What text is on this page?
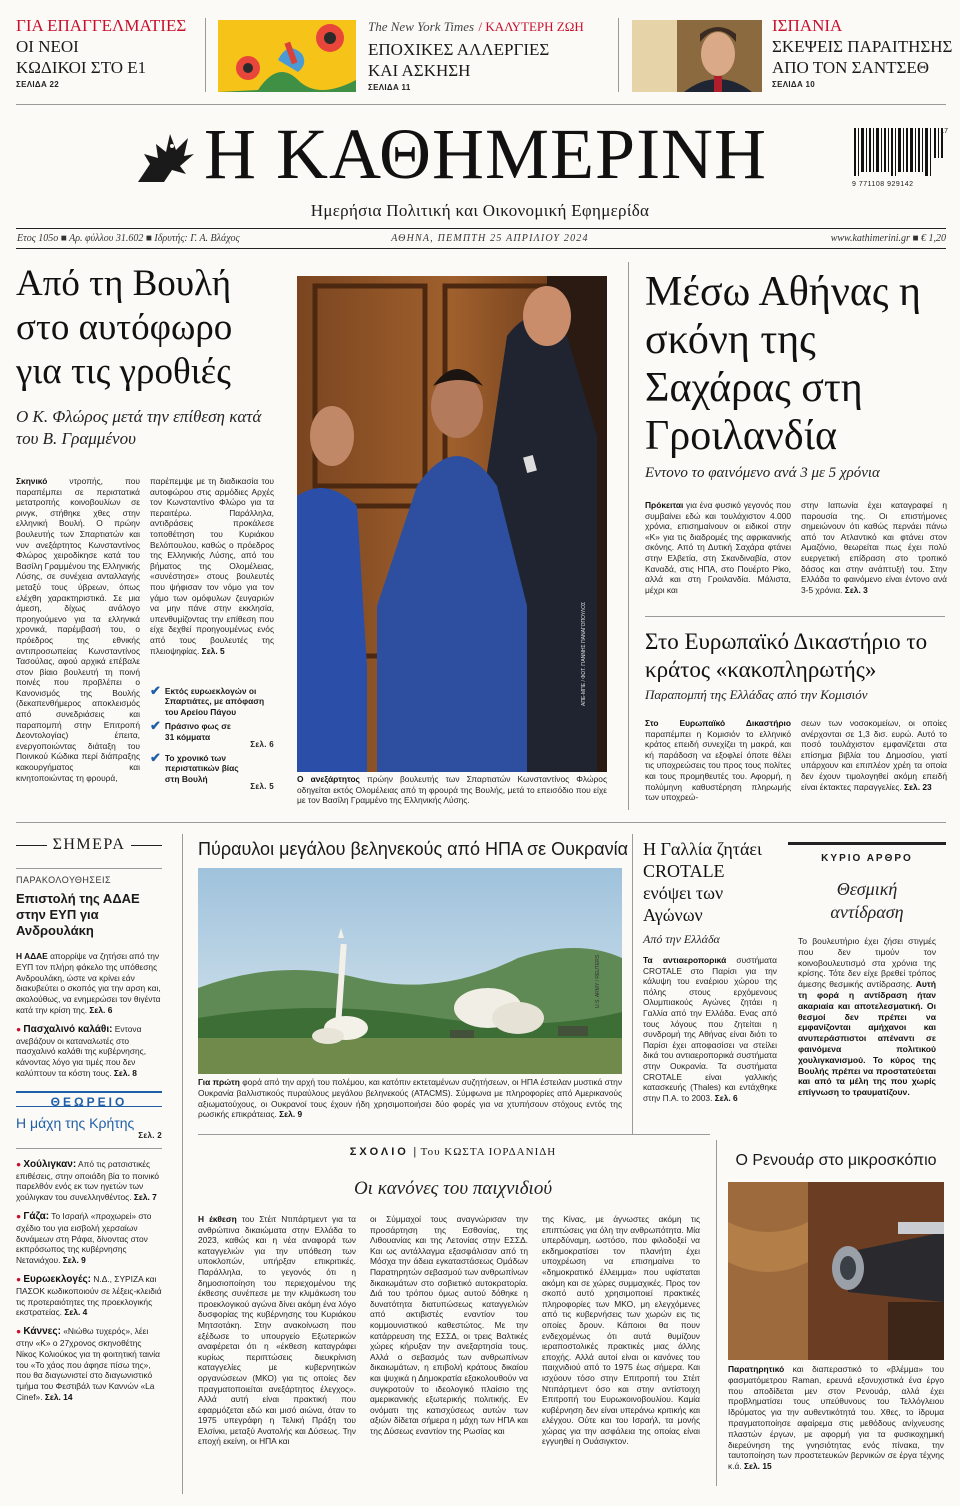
ΓΙΑ ΕΠΑΓΓΕΛΜΑΤΙΕΣ
ΟΙ ΝΕΟΙ
ΚΩΔΙΚΟΙ ΣΤΟ Ε1
ΣΕΛΙΔΑ 22
The New York Times / ΚΑΛΥΤΕΡΗ ΖΩΗ
ΕΠΟΧΙΚΕΣ ΑΛΛΕΡΓΙΕΣ
ΚΑΙ ΑΣΚΗΣΗ
ΣΕΛΙΔΑ 11
ΙΣΠΑΝΙΑ
ΣΚΕΨΕΙΣ ΠΑΡΑΙΤΗΣΗΣ
ΑΠΟ ΤΟΝ ΣΑΝΤΣΕΘ
ΣΕΛΙΔΑ 10
Η ΚΑΘΗΜΕΡΙΝΗ	17
9 771108 929142
Ημερήσια Πολιτική και Οικονομική Εφημερίδα
Ετος 105ο ■ Αρ. φύλλου 31.602 ■ Ιδρυτής: Γ. Α. Βλάχος	ΑΘΗΝΑ, ΠΕΜΠΤΗ 25 ΑΠΡΙΛΙΟΥ 2024	www.kathimerini.gr ■ € 1,20
Από τη Βουλή στο αυτόφωρο για τις γροθιές
Ο Κ. Φλώρος μετά την επίθεση κατά του Β. Γραμμένου
Σκηνικό ντροπής, που παραπέμπει σε περιστατικά μετατροπής κοινοβουλίων σε ρινγκ, στήθηκε χθες στην ελληνική Βουλή. Ο πρώην βουλευτής των Σπαρτιατών και νυν ανεξάρτητος Κωνσταντίνος Φλώρος χειροδίκησε κατά του Βασίλη Γραμμένου της Ελληνικής Λύσης, σε συνέχεια ανταλλαγής μεταξύ τους ύβρεων, όπως ελέχθη χαρακτηριστικά. Σε μια άμεση, δίχως ανάλογο προηγούμενο για τα ελληνικά χρονικά, παρέμβασή του, ο πρόεδρος της εθνικής αντιπροσωπείας Κωνσταντίνος Τασούλας, αφού αρχικά επέβαλε στον βίαιο βουλευτή τη ποινή ποινές που προβλέπει ο Κανονισμός της Βουλής (δεκαπενθήμερος αποκλεισμός από συνεδριάσεις και παραπομπή στην Επιτροπή Δεοντολογίας) έπειτα, ενεργοποιώντας διάταξη του Ποινικού Κώδικα περί διάπραξης κακουργήματος και κινητοποιώντας τη φρουρά,
παρέπεμψε με τη διαδικασία του αυτοφώρου στις αρμόδιες Αρχές τον Κωνσταντίνο Φλώρο για τα περαιτέρω. Παράλληλα, αντιδράσεις προκάλεσε τοποθέτηση του Κυριάκου Βελόπουλου, καθώς ο πρόεδρος της Ελληνικής Λύσης, από του βήματος της Ολομέλειας, «συνέστησε» στους βουλευτές που ψήφισαν τον νόμο για τον γάμο των ομόφυλων ζευγαριών να μην πάνε στην εκκλησία, υπενθυμίζοντας την επίθεση που είχε δεχθεί προηγουμένως ενός από τους βουλευτές της πλειοψηφίας. Σελ. 5
✔ Εκτός ευρωεκλογών οι Σπαρτιάτες, με απόφαση του Αρείου Πάγου
✔ Πράσινο φως σε 31 κόμματα
Σελ. 6
✔ Το χρονικό των περιστατικών βίας στη Βουλή
Σελ. 5
ΑΠΕ-ΜΠΕ / ΦΩΤ. ΓΙΑΝΝΗΣ ΠΑΝΑΓΟΠΟΥΛΟΣ
Ο ανεξάρτητος πρώην βουλευτής των Σπαρτιατών Κωνσταντίνος Φλώρος οδηγείται εκτός Ολομέλειας από τη φρουρά της Βουλής, μετά το επεισόδιο που είχε με τον Βασίλη Γραμμένο της Ελληνικής Λύσης.
Μέσω Αθήνας η σκόνη της Σαχάρας στη Γροιλανδία
Εντονο το φαινόμενο ανά 3 με 5 χρόνια
Πρόκειται για ένα φυσικό γεγονός που συμβαίνει εδώ και τουλάχιστον 4.000 χρόνια, επισημαίνουν οι ειδικοί στην «Κ» για τις διαδρομές της αφρικανικής σκόνης. Από τη Δυτική Σαχάρα φτάνει στην Ελβετία, στη Σκανδιναβία, στον Καναδά, στις ΗΠΑ, στο Πουέρτο Ρίκο, αλλά και στη Γροιλανδία. Μάλιστα, μέχρι και
στην Ιαπωνία έχει καταγραφεί η παρουσία της. Οι επιστήμονες σημειώνουν ότι καθώς περνάει πάνω από τον Ατλαντικό και φτάνει στον Αμαζόνιο, θεωρείται πως έχει πολύ ευεργετική επίδραση στο τροπικό δάσος και στην ανάπτυξή του. Στην Ελλάδα το φαινόμενο είναι έντονο ανά 3-5 χρόνια. Σελ. 3
Στο Ευρωπαϊκό Δικαστήριο το κράτος «κακοπληρωτής»
Παραπομπή της Ελλάδας από την Κομισιόν
Στο Ευρωπαϊκό Δικαστήριο παραπέμπει η Κομισιόν το ελληνικό κράτος επειδή συνεχίζει τη μακρά, και κή παράδοση να εξοφλεί όποτε θέλει τις υποχρεώσεις του προς τους πολίτες και τους προμηθευτές του. Αφορμή, η πολύμηνη καθυστέρηση πληρωμής των υποχρεώ-
σεων των νοσοκομείων, οι οποίες ανέρχονται σε 1,3 δισ. ευρώ. Αυτό το ποσό τουλάχιστον εμφανίζεται στα επίσημα βιβλία του Δημοσίου, γιατί υπάρχουν και επιπλέον χρέη τα οποία δεν έχουν τιμολογηθεί ακόμη επειδή είναι έκτακτες παραγγελίες. Σελ. 23
ΣΗΜΕΡΑ
ΠΑΡΑΚΟΛΟΥΘΗΣΕΙΣ
Επιστολή της ΑΔΑΕ στην ΕΥΠ για Ανδρουλάκη
Η ΑΔΑΕ απορρίψε να ζητήσει από την ΕΥΠ τον πλήρη φάκελο της υπόθεσης Ανδρουλάκη, ώστε να κρίνει εάν διακυβεύτει ο σκοπός για την αρση και, ακολούθως, να ενημερώσει τον θιγέντα κατά την κρίση της. Σελ. 6
● Πασχαλινό καλάθι: Εντονα ανεβάζουν οι καταναλωτές στο πασχαλινό καλάθι της κυβέρνησης, κάνοντας λόγο για τιμές που δεν καλύπτουν τα κόστη τους. Σελ. 8
ΘΕΩΡΕΙΟ
Η μάχη της Κρήτης
Σελ. 2
● Χούλιγκαν: Από τις ρατσιστικές επιθέσεις, στην οποιάδη βία το ποινικό παρελθόν ενός εκ των ηγετών των χούλιγκαν του συνελληνθέντος. Σελ. 7
● Γάζα: Το Ισραήλ «προχωρεί» στο σχέδιο του για εισβολή χερσαίων δυνάμεων στη Ράφα, δίνοντας στον εκπρόσωπος της κυβέρνησης Νετανιάχου. Σελ. 9
● Ευρωεκλογές: Ν.Δ., ΣΥΡΙΖΑ και ΠΑΣΟΚ κωδικοποιούν σε λέξεις-κλειδιά τις προτεραιότητες της προεκλογικής εκστρατείας. Σελ. 4
● Κάννες: «Νιώθω τυχερός», λέει στην «Κ» ο 27χρονος σκηνοθέτης Νίκος Κολιούκος για τη φοιτητική ταινία του «Το χάος που άφησε πίσω της», που θα διαγωνιστεί στο διαγωνιστικό τμήμα του Φεστιβάλ των Καννών «La Cinef». Σελ. 14
Πύραυλοι μεγάλου βεληνεκούς από ΗΠΑ σε Ουκρανία
U.S. ARMY / REUTERS
Για πρώτη φορά από την αρχή του πολέμου, και κατόπιν εκτεταμένων συζητήσεων, οι ΗΠΑ έστειλαν μυστικά στην Ουκρανία βαλλιστικούς πυραύλους μεγάλου βεληνεκούς (ATACMS). Σύμφωνα με πληροφορίες από Αμερικανούς αξιωματούχους, οι Ουκρανοί τους έχουν ήδη χρησιμοποιήσει δύο φορές για να χτυπήσουν στόχους εντός της ρωσικής επικράτειας. Σελ. 9
Η Γαλλία ζητάει CROTALE ενόψει των Αγώνων
Από την Ελλάδα
Τα αντιαεροπορικά συστήματα CROTALE στο Παρίσι για την κάλυψη του εναέριου χώρου της πόλης στους ερχόμενους Ολυμπιακούς Αγώνες ζητάει η Γαλλία από την Ελλάδα. Ενας από τους λόγους που ζητείται η συνδρομή της Αθήνας είναι διότι το Παρίσι έχει αποφασίσει να στείλει δικά του αντιαεροπορικά συστήματα στην Ουκρανία. Τα συστήματα CROTALE είναι γαλλικής κατασκευής (Thales) και εντάχθηκε στην Π.Α. το 2003. Σελ. 6
ΚΥΡΙΟ ΑΡΘΡΟ
Θεσμική αντίδραση
Το βουλευτήριο έχει ζήσει στιγμές που δεν τιμούν τον κοινοβουλευτισμό στα χρόνια της κρίσης. Τότε δεν είχε βρεθεί τρόπος άμεσης θεσμικής αντίδρασης. Αυτή τη φορά η αντίδραση ήταν ακαριαία και αποτελεσματική. Οι θεσμοί δεν πρέπει να εμφανίζονται αμήχανοι και ανυπεράσπιστοι απέναντι σε φαινόμενα πολιτικού χουλιγκανισμού. Το κύρος της Βουλής πρέπει να προστατεύεται και από τα μέλη της που χωρίς επίγνωση το τραυματίζουν.
ΣΧΟΛΙΟ | Του ΚΩΣΤΑ ΙΟΡΔΑΝΙΔΗ
Οι κανόνες του παιχνιδιού
Η έκθεση του Στέιτ Ντιπάρτμεντ για τα ανθρώπινα δικαιώματα στην Ελλάδα το 2023, καθώς και η νέα αναφορά των καταγγελιών για την υπόθεση των υποκλοπών, υπήρξαν επικριτικές. Παράλληλα, το γεγονός ότι η δημοσιοποίηση του περιεχομένου της έκθεσης συνέπεσε με την κλιμάκωση του προεκλογικού αγώνα δίνει ακόμη ένα λόγο δυσφορίας της κυβέρνησης του Κυριάκου Μητσοτάκη. Στην ανακοίνωση που εξέδωσε το υπουργείο Εξωτερικών αναφέρεται ότι η «έκθεση καταγράφει κυρίως περιπτώσεις διευκρίνιση καταγγελίες με κυβερνητικών οργανώσεων (ΜΚΟ) για τις οποίες δεν πραγματοποιείται ανεξάρτητος έλεγχος». Αλλά αυτή είναι πρακτική που εφαρμόζεται εδώ και μισό αιώνα, όταν το 1975 υπεγράφη η Τελική Πράξη του Ελσίνκι, μεταξύ Ανατολής και Δύσεως. Την εποχή εκείνη, οι ΗΠΑ και
οι Σύμμαχοί τους αναγνώρισαν την προσάρτηση της Εσθονίας, της Λιθουανίας και της Λετονίας στην ΕΣΣΔ. Και ως αντάλλαγμα εξασφάλισαν από τη Μόσχα την άδεια εγκαταστάσεως Ομάδων Παρατηρητών σεβασμού των ανθρωπίνων δικαιωμάτων στο σοβιετικό αυτοκρατορία. Διά του τρόπου όμως αυτού δόθηκε η δυνατότητα διατυπώσεως καταγγελιών από ακτιβιστές εναντίον του κομμουνιστικού καθεστώτος. Με την κατάρρευση της ΕΣΣΔ, οι τρεις Βαλτικές χώρες κήρυξαν την ανεξαρτησία τους. Αλλά ο σεβασμός των ανθρωπίνων δικαιωμάτων, η επιβολή κράτους δικαίου και ψυχικά η Δημοκρατία εξακολουθούν να συγκροτούν το ιδεολογικό πλαίσιο της αμερικανικής εξωτερικής πολιτικής. Εν ονόματι της κατισχύσεως αυτών των αξιών δίδεται σήμερα η μάχη των ΗΠΑ και της Δύσεως εναντίον της Ρωσίας και
της Κίνας, με άγνωστες ακόμη τις επιπτώσεις για όλη την ανθρωπότητα. Μία υπερδύναμη, ωστόσο, που φιλοδοξεί να εκδημοκρατίσει τον πλανήτη έχει υποχρέωση να επισημαίνει το «δημοκρατικό έλλειμμα» που υφίσταται ακόμη και σε χώρες συμμαχικές. Προς τον σκοπό αυτό χρησιμοποιεί πρακτικές πληροφορίες των ΜΚΟ, μη ελεγχόμενες από τις κυβερνήσεις των χωρών εις τις οποίες δρουν. Κάποιοι θα πουν ενδεχομένως ότι αυτά θυμίζουν ιεραποστολικές πρακτικές μιας άλλης εποχής. Αλλά αυτοί είναι οι κανόνες του παιχνιδιού από το 1975 έως σήμερα. Και ισχύουν τόσο στην Επιτροπή του Στέιτ Ντιπάρτμεντ όσο και στην αντίστοιχη Επιτροπή του Ευρωκοινοβουλίου. Καμία κυβέρνηση δεν είναι υπεράνω κριτικής και ελέγχου. Ούτε και του Ισραήλ, τα μονής χώρας για την ασφάλεια της οποίας είναι εγγυηθεί η Ουάσιγκτον.
Ο Ρενουάρ στο μικροσκόπιο
Παρατηρητικό και διαπεραστικό το «βλέμμα» του φασματόμετρου Raman, ερευνά εξονυχιστικά ένα έργο που αποδίδεται μεν στον Ρενουάρ, αλλά έχει προβληματίσει τους υπεύθυνους του Τελλόγλειου Ιδρύματος για την αυθεντικότητά του. Χθες, το ίδρυμα πραγματοποίησε αφαίρεμα στις μεθόδους ανίχνευσης πλαστών έργων, με αφορμή για τα φυσικοχημική διερεύνηση της γνησιότητας ενός πίνακα, την ταυτοποίηση των προστετευκών βερνικών σε έργα τέχνης κ.ά. Σελ. 15
